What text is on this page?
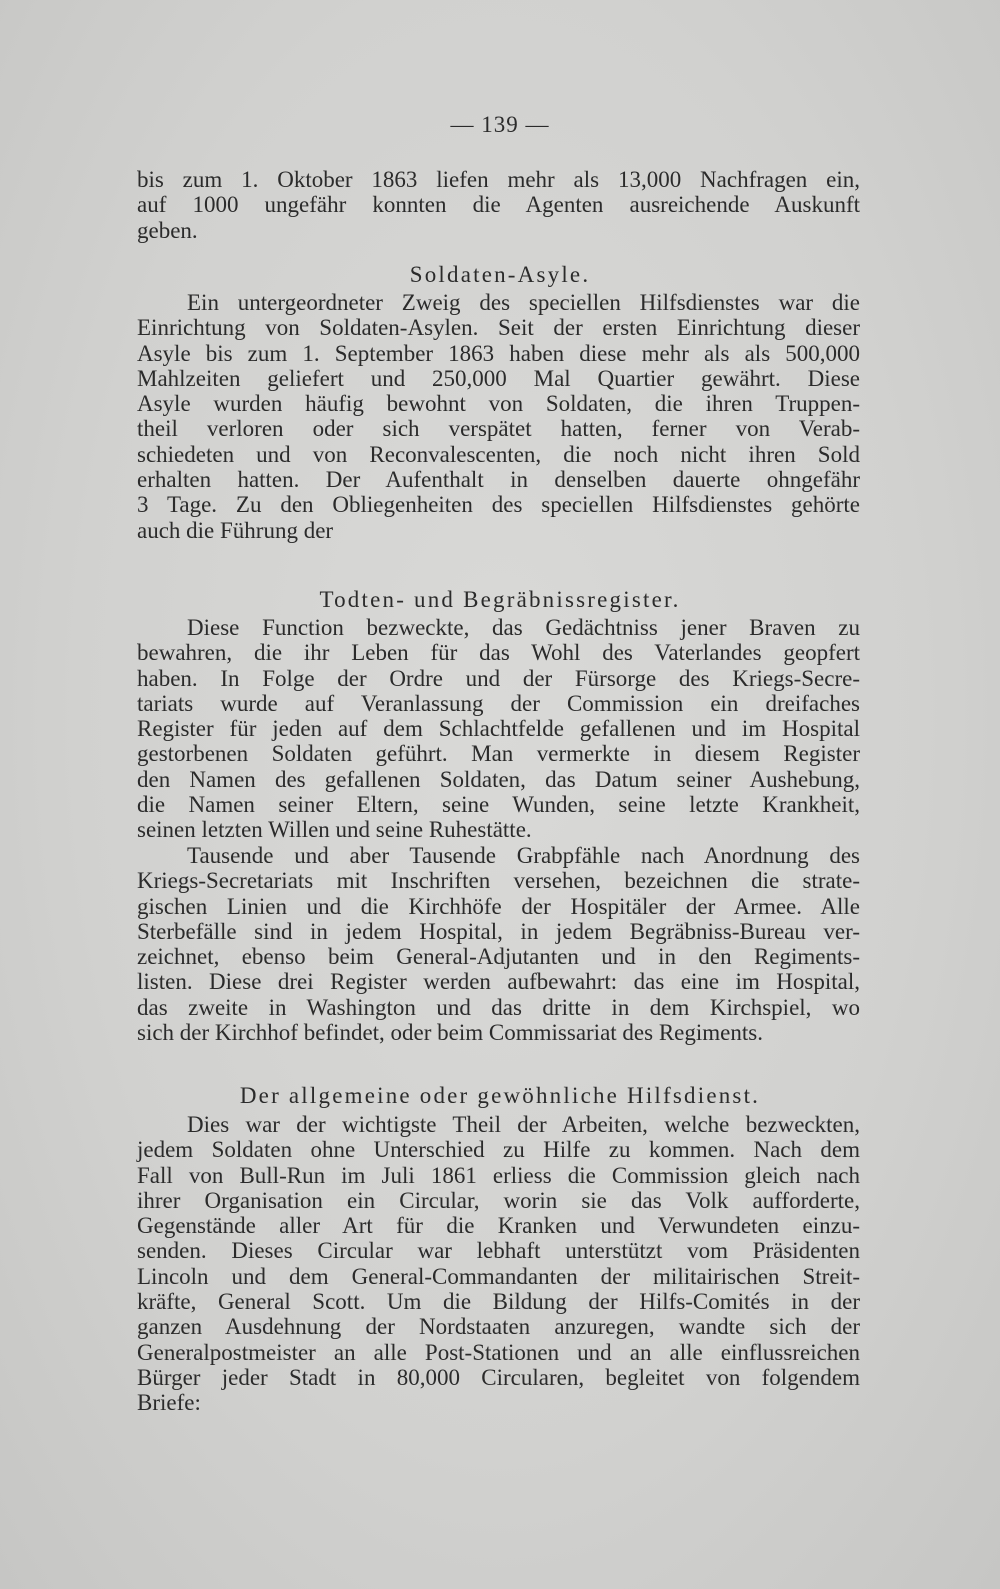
— 139 —
bis zum 1. Oktober 1863 liefen mehr als 13,000 Nachfragen ein,
auf 1000 ungefähr konnten die Agenten ausreichende Auskunft
geben.
Soldaten-Asyle.
Ein untergeordneter Zweig des speciellen Hilfsdienstes war die
Einrichtung von Soldaten-Asylen. Seit der ersten Einrichtung dieser
Asyle bis zum 1. September 1863 haben diese mehr als als 500,000
Mahlzeiten geliefert und 250,000 Mal Quartier gewährt. Diese
Asyle wurden häufig bewohnt von Soldaten, die ihren Truppen-
theil verloren oder sich verspätet hatten, ferner von Verab-
schiedeten und von Reconvalescenten, die noch nicht ihren Sold
erhalten hatten. Der Aufenthalt in denselben dauerte ohngefähr
3 Tage. Zu den Obliegenheiten des speciellen Hilfsdienstes gehörte
auch die Führung der
Todten- und Begräbnissregister.
Diese Function bezweckte, das Gedächtniss jener Braven zu
bewahren, die ihr Leben für das Wohl des Vaterlandes geopfert
haben. In Folge der Ordre und der Fürsorge des Kriegs-Secre-
tariats wurde auf Veranlassung der Commission ein dreifaches
Register für jeden auf dem Schlachtfelde gefallenen und im Hospital
gestorbenen Soldaten geführt. Man vermerkte in diesem Register
den Namen des gefallenen Soldaten, das Datum seiner Aushebung,
die Namen seiner Eltern, seine Wunden, seine letzte Krankheit,
seinen letzten Willen und seine Ruhestätte.
Tausende und aber Tausende Grabpfähle nach Anordnung des
Kriegs-Secretariats mit Inschriften versehen, bezeichnen die strate-
gischen Linien und die Kirchhöfe der Hospitäler der Armee. Alle
Sterbefälle sind in jedem Hospital, in jedem Begräbniss-Bureau ver-
zeichnet, ebenso beim General-Adjutanten und in den Regiments-
listen. Diese drei Register werden aufbewahrt: das eine im Hospital,
das zweite in Washington und das dritte in dem Kirchspiel, wo
sich der Kirchhof befindet, oder beim Commissariat des Regiments.
Der allgemeine oder gewöhnliche Hilfsdienst.
Dies war der wichtigste Theil der Arbeiten, welche bezweckten,
jedem Soldaten ohne Unterschied zu Hilfe zu kommen. Nach dem
Fall von Bull-Run im Juli 1861 erliess die Commission gleich nach
ihrer Organisation ein Circular, worin sie das Volk aufforderte,
Gegenstände aller Art für die Kranken und Verwundeten einzu-
senden. Dieses Circular war lebhaft unterstützt vom Präsidenten
Lincoln und dem General-Commandanten der militairischen Streit-
kräfte, General Scott. Um die Bildung der Hilfs-Comités in der
ganzen Ausdehnung der Nordstaaten anzuregen, wandte sich der
Generalpostmeister an alle Post-Stationen und an alle einflussreichen
Bürger jeder Stadt in 80,000 Circularen, begleitet von folgendem
Briefe:
